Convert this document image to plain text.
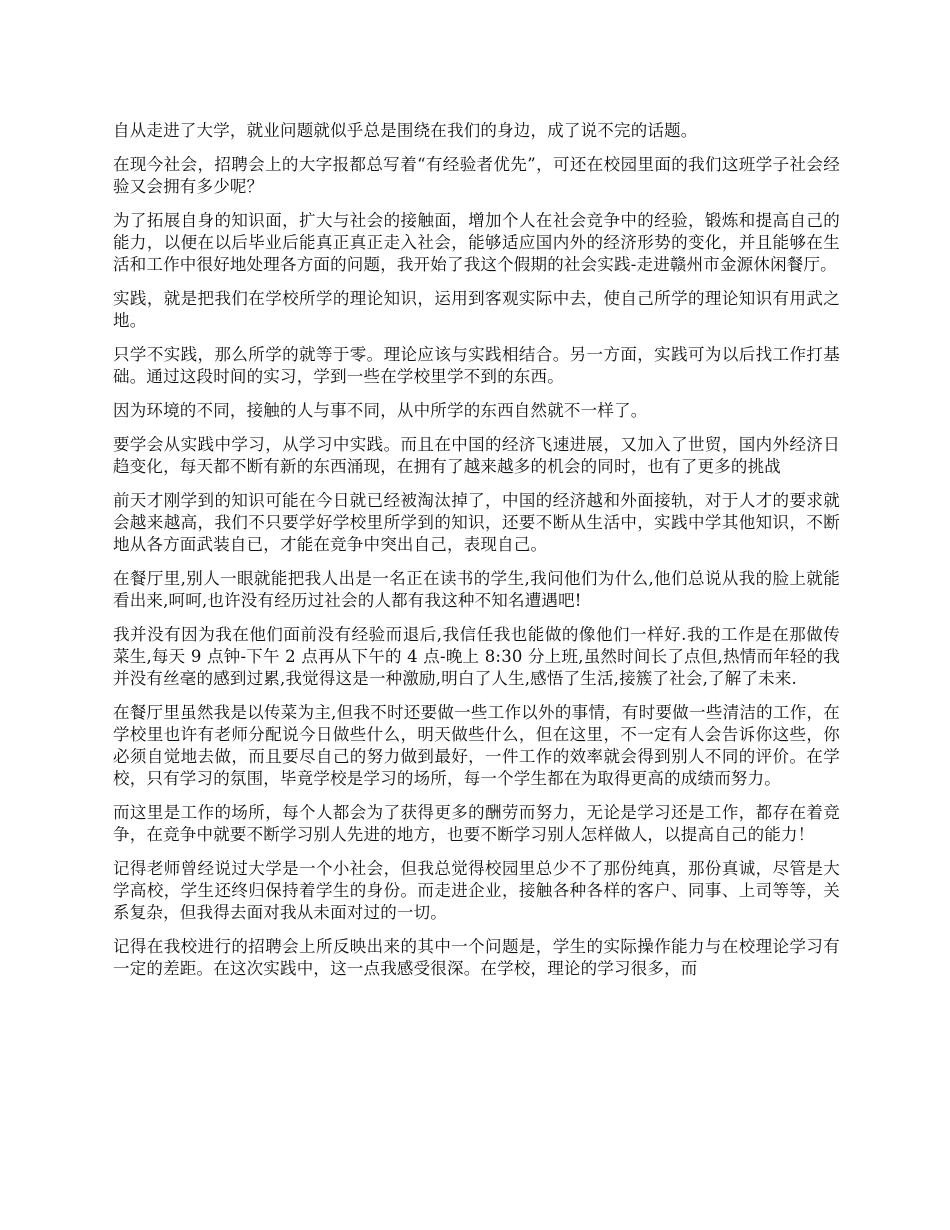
自从走进了大学，就业问题就似乎总是围绕在我们的身边，成了说不完的话题。

在现今社会，招聘会上的大字报都总写着“有经验者优先”，可还在校园里面的我们这班学子社会经验又会拥有多少呢？

为了拓展自身的知识面，扩大与社会的接触面，增加个人在社会竞争中的经验，锻炼和提高自己的能力，以便在以后毕业后能真正真正走入社会，能够适应国内外的经济形势的变化，并且能够在生活和工作中很好地处理各方面的问题，我开始了我这个假期的社会实践-走进赣州市金源休闲餐厅。

实践，就是把我们在学校所学的理论知识，运用到客观实际中去，使自己所学的理论知识有用武之地。

只学不实践，那么所学的就等于零。理论应该与实践相结合。另一方面，实践可为以后找工作打基础。通过这段时间的实习，学到一些在学校里学不到的东西。

因为环境的不同，接触的人与事不同，从中所学的东西自然就不一样了。

要学会从实践中学习，从学习中实践。而且在中国的经济飞速进展，又加入了世贸，国内外经济日趋变化，每天都不断有新的东西涌现，在拥有了越来越多的机会的同时，也有了更多的挑战

前天才刚学到的知识可能在今日就已经被淘汰掉了，中国的经济越和外面接轨，对于人才的要求就会越来越高，我们不只要学好学校里所学到的知识，还要不断从生活中，实践中学其他知识，不断地从各方面武装自已，才能在竞争中突出自己，表现自己。

在餐厅里,别人一眼就能把我人出是一名正在读书的学生,我问他们为什么,他们总说从我的脸上就能看出来,呵呵,也许没有经历过社会的人都有我这种不知名遭遇吧!

我并没有因为我在他们面前没有经验而退后,我信任我也能做的像他们一样好.我的工作是在那做传菜生,每天 9 点钟-下午 2 点再从下午的 4 点-晚上 8:30 分上班,虽然时间长了点但,热情而年轻的我并没有丝毫的感到过累,我觉得这是一种激励,明白了人生,感悟了生活,接簇了社会,了解了未来.

在餐厅里虽然我是以传菜为主,但我不时还要做一些工作以外的事情，有时要做一些清洁的工作，在学校里也许有老师分配说今日做些什么，明天做些什么，但在这里，不一定有人会告诉你这些，你必须自觉地去做，而且要尽自己的努力做到最好，一件工作的效率就会得到别人不同的评价。在学校，只有学习的氛围，毕竟学校是学习的场所，每一个学生都在为取得更高的成绩而努力。

而这里是工作的场所，每个人都会为了获得更多的酬劳而努力，无论是学习还是工作，都存在着竞争，在竞争中就要不断学习别人先进的地方，也要不断学习别人怎样做人，以提高自己的能力！

记得老师曾经说过大学是一个小社会，但我总觉得校园里总少不了那份纯真，那份真诚，尽管是大学高校，学生还终归保持着学生的身份。而走进企业，接触各种各样的客户、同事、上司等等，关系复杂，但我得去面对我从未面对过的一切。

记得在我校进行的招聘会上所反映出来的其中一个问题是，学生的实际操作能力与在校理论学习有一定的差距。在这次实践中，这一点我感受很深。在学校，理论的学习很多，而
